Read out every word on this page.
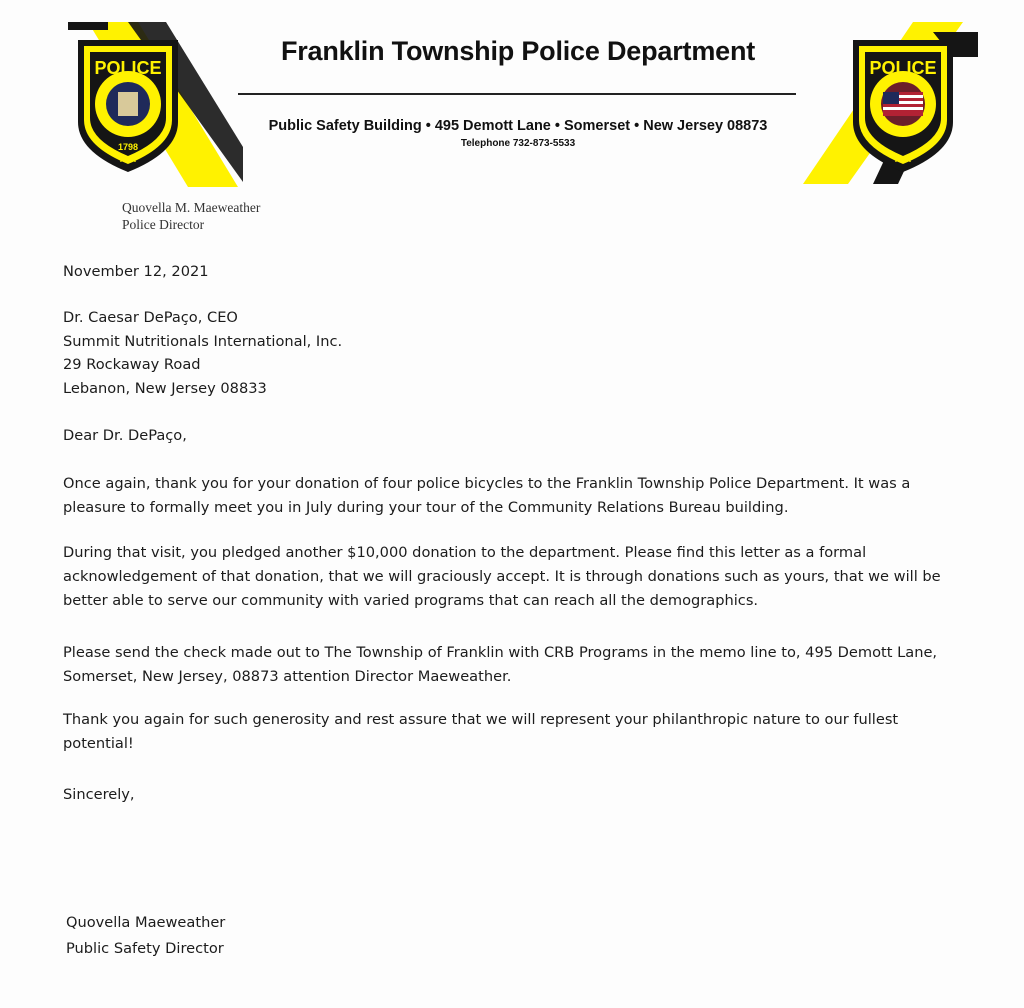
POLICE
1798
N.J.
POLICE
N.J.
Franklin Township Police Department
Public Safety Building • 495 Demott Lane • Somerset • New Jersey 08873
Telephone 732-873-5533
Quovella M. Maeweather
Police Director
November 12, 2021
Dr. Caesar DePaço, CEO
Summit Nutritionals International, Inc.
29 Rockaway Road
Lebanon, New Jersey 08833
Dear Dr. DePaço,
Once again, thank you for your donation of four police bicycles to the Franklin Township Police Department. It was a
pleasure to formally meet you in July during your tour of the Community Relations Bureau building.
During that visit, you pledged another $10,000 donation to the department. Please find this letter as a formal
acknowledgement of that donation, that we will graciously accept. It is through donations such as yours, that we will be
better able to serve our community with varied programs that can reach all the demographics.
Please send the check made out to The Township of Franklin with CRB Programs in the memo line to, 495 Demott Lane,
Somerset, New Jersey, 08873 attention Director Maeweather.
Thank you again for such generosity and rest assure that we will represent your philanthropic nature to our fullest
potential!
Sincerely,
Quovella Maeweather
Public Safety Director
